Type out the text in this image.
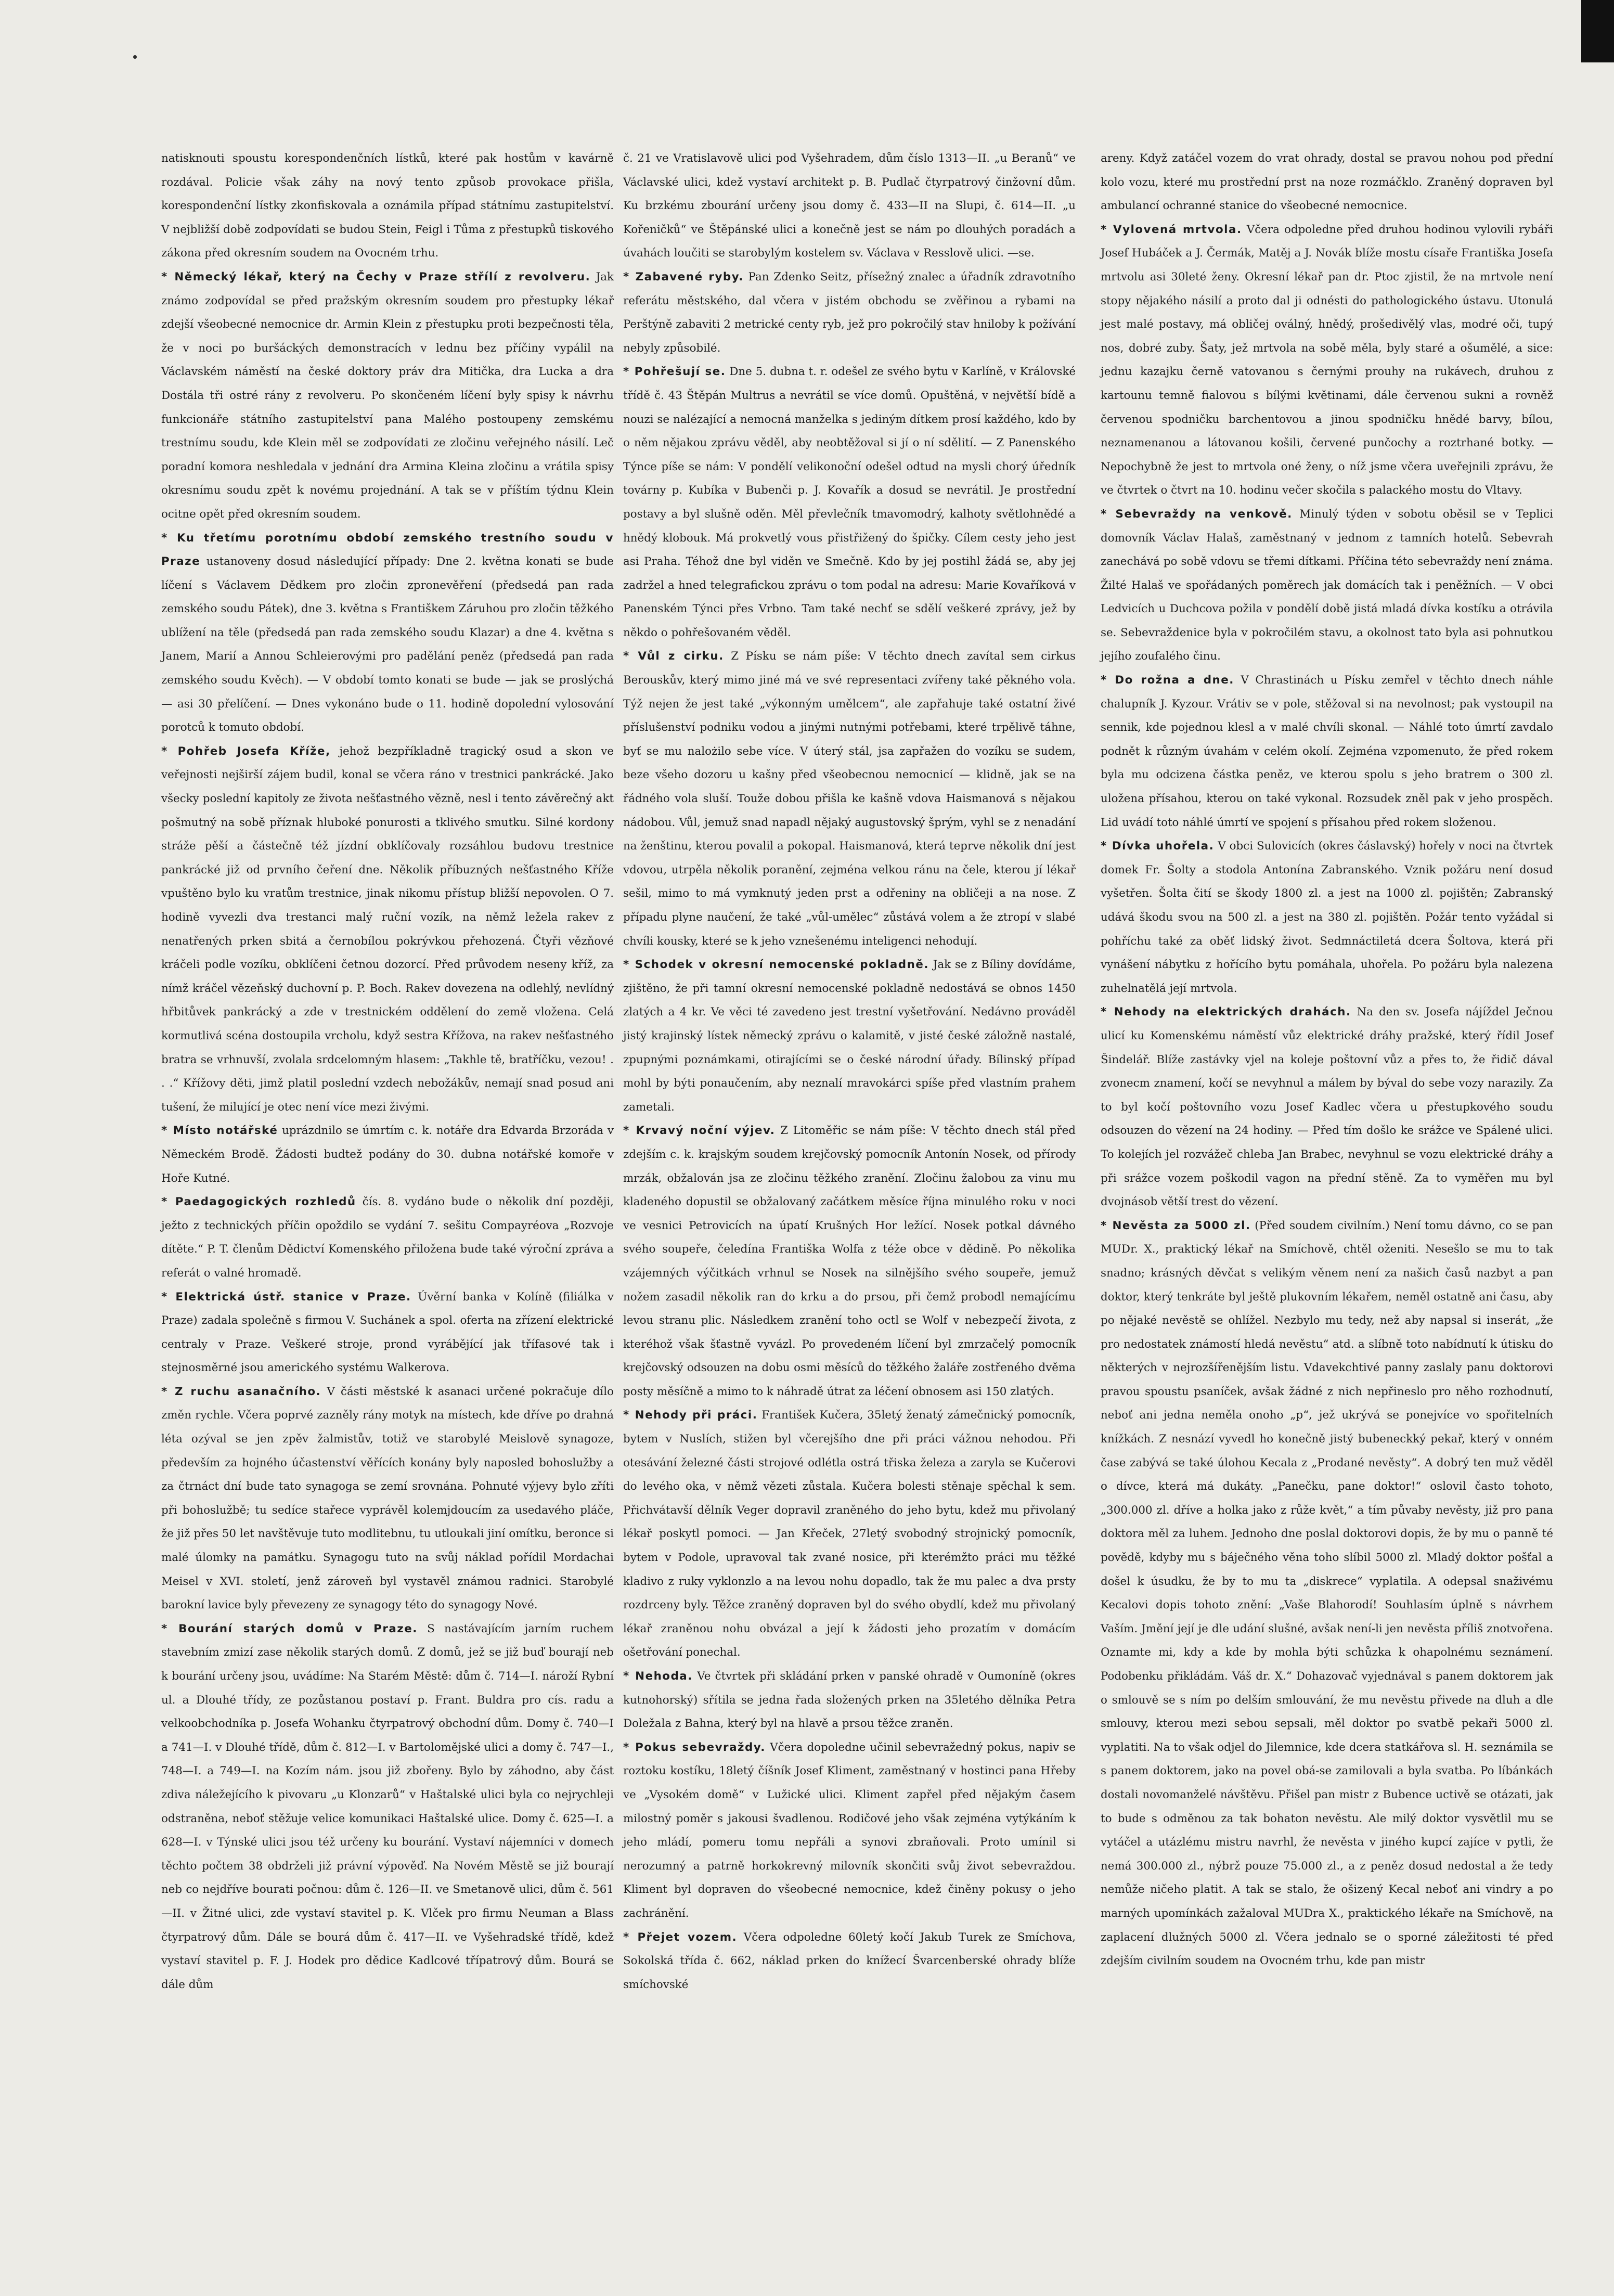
natisknouti spoustu korespondenčních lístků, které pak hostům v kavárně rozdával. Policie však záhy na nový tento způsob provokace přišla, korespondenční lístky zkonfiskovala a oznámila případ státnímu zastupitelství. V nejbližší době zodpovídati se budou Stein, Feigl i Tůma z přestupků tiskového zákona před okresním soudem na Ovocném trhu.

* Německý lékař, který na Čechy v Praze střílí z revolveru. Jak známo zodpovídal se před pražským okresním soudem pro přestupky lékař zdejší všeobecné nemocnice dr. Armin Klein z přestupku proti bezpečnosti těla, že v noci po buršáckých demonstracích v lednu bez příčiny vypálil na Václavském náměstí na české doktory práv dra Mitička, dra Lucka a dra Dostála tři ostré rány z revolveru. Po skončeném líčení byly spisy k návrhu funkcionáře státního zastupitelství pana Malého postoupeny zemskému trestnímu soudu, kde Klein měl se zodpovídati ze zločinu veřejného násilí. Leč poradní komora neshledala v jednání dra Armina Kleina zločinu a vrátila spisy okresnímu soudu zpět k novému projednání. A tak se v příštím týdnu Klein ocitne opět před okresním soudem.

* Ku třetímu porotnímu období zemského trestního soudu v Praze ustanoveny dosud následující případy: Dne 2. května konati se bude líčení s Václavem Dědkem pro zločin zpronevěření (předsedá pan rada zemského soudu Pátek), dne 3. května s Františkem Záruhou pro zločin těžkého ublížení na těle (předsedá pan rada zemského soudu Klazar) a dne 4. května s Janem, Marií a Annou Schleierovými pro padělání peněz (předsedá pan rada zemského soudu Kvěch). — V období tomto konati se bude — jak se proslýchá — asi 30 přelíčení. — Dnes vykonáno bude o 11. hodině dopolední vylosování porotců k tomuto období.

* Pohřeb Josefa Kříže, jehož bezpříkladně tragický osud a skon ve veřejnosti nejširší zájem budil, konal se včera ráno v trestnici pankrácké. Jako všecky poslední kapitoly ze života nešťastného vězně, nesl i tento závěrečný akt pošmutný na sobě příznak hluboké ponurosti a tklivého smutku. Silné kordony stráže pěší a částečně též jízdní obklíčovaly rozsáhlou budovu trestnice pankrácké již od prvního čeření dne. Několik příbuzných nešťastného Kříže vpuštěno bylo ku vratům trestnice, jinak nikomu přístup bližší nepovolen. O 7. hodině vyvezli dva trestanci malý ruční vozík, na němž ležela rakev z nenatřených prken sbitá a černobílou pokrývkou přehozená. Čtyři vězňové kráčeli podle vozíku, obklíčeni četnou dozorcí. Před průvodem neseny kříž, za nímž kráčel vězeňský duchovní p. P. Boch. Rakev dovezena na odlehlý, nevlídný hřbitůvek pankrácký a zde v trestnickém oddělení do země vložena. Celá kormutlivá scéna dostoupila vrcholu, když sestra Křížova, na rakev nešťastného bratra se vrhnuvší, zvolala srdcelomným hlasem: „Takhle tě, bratříčku, vezou! . . .“ Křížovy děti, jimž platil poslední vzdech nebožákův, nemají snad posud ani tušení, že milující je otec není více mezi živými.

* Místo notářské uprázdnilo se úmrtím c. k. notáře dra Edvarda Brzoráda v Německém Brodě. Žádosti budtež podány do 30. dubna notářské komoře v Hoře Kutné.

* Paedagogických rozhledů čís. 8. vydáno bude o několik dní později, ježto z technických příčin opoždilo se vydání 7. sešitu Compayréova „Rozvoje dítěte.“ P. T. členům Dědictví Komenského přiložena bude také výroční zpráva a referát o valné hromadě.

* Elektrická ústř. stanice v Praze. Úvěrní banka v Kolíně (filiálka v Praze) zadala společně s firmou V. Suchánek a spol. oferta na zřízení elektrické centraly v Praze. Veškeré stroje, prond vyrábějící jak třífasové tak i stejnosměrné jsou amerického systému Walkerova.

* Z ruchu asanačního. V části městské k asanaci určené pokračuje dílo změn rychle. Včera poprvé zazněly rány motyk na místech, kde dříve po drahná léta ozýval se jen zpěv žalmistův, totiž ve starobylé Meislově synagoze, především za hojného účastenství věřících konány byly naposled bohoslužby a za čtrnáct dní bude tato synagoga se zemí srovnána. Pohnuté výjevy bylo zříti při bohoslužbě; tu sedíce stařece vyprávěl kolemjdoucím za usedavého pláče, že již přes 50 let navštěvuje tuto modlitebnu, tu utloukali jiní omítku, beronce si malé úlomky na památku. Synagogu tuto na svůj náklad pořídil Mordachai Meisel v XVI. století, jenž zároveň byl vystavěl známou radnici. Starobylé barokní lavice byly převezeny ze synagogy této do synagogy Nové.

* Bourání starých domů v Praze. S nastávajícím jarním ruchem stavebním zmizí zase několik starých domů. Z domů, jež se již buď bourají neb k bourání určeny jsou, uvádíme: Na Starém Městě: dům č. 714—I. nároží Rybní ul. a Dlouhé třídy, ze pozůstanou postaví p. Frant. Buldra pro cís. radu a velkoobchodníka p. Josefa Wohanku čtyrpatrový obchodní dům. Domy č. 740—I a 741—I. v Dlouhé třídě, dům č. 812—I. v Bartolomějské ulici a domy č. 747—I., 748—I. a 749—I. na Kozím nám. jsou již zbořeny. Bylo by záhodno, aby část zdiva náležejícího k pivovaru „u Klonzarů“ v Haštalské ulici byla co nejrychleji odstraněna, neboť stěžuje velice komunikaci Haštalské ulice. Domy č. 625—I. a 628—I. v Týnské ulici jsou též určeny ku bourání. Vystaví nájemníci v domech těchto počtem 38 obdrželi již právní výpověď. Na Novém Městě se již bourají neb co nejdříve bourati počnou: dům č. 126—II. ve Smetanově ulici, dům č. 561—II. v Žitné ulici, zde vystaví stavitel p. K. Vlček pro firmu Neuman a Blass čtyrpatrový dům. Dále se bourá dům č. 417—II. ve Vyšehradské třídě, kdež vystaví stavitel p. F. J. Hodek pro dědice Kadlcové třípatrový dům. Bourá se dále dům

č. 21 ve Vratislavově ulici pod Vyšehradem, dům číslo 1313—II. „u Beranů“ ve Václavské ulici, kdež vystaví architekt p. B. Pudlač čtyrpatrový činžovní dům. Ku brzkému zbourání určeny jsou domy č. 433—II na Slupi, č. 614—II. „u Kořeničků“ ve Štěpánské ulici a konečně jest se nám po dlouhých poradách a úvahách loučiti se starobylým kostelem sv. Václava v Resslově ulici. —se.

* Zabavené ryby. Pan Zdenko Seitz, přísežný znalec a úřadník zdravotního referátu městského, dal včera v jistém obchodu se zvěřinou a rybami na Perštýně zabaviti 2 metrické centy ryb, jež pro pokročilý stav hniloby k požívání nebyly způsobilé.

* Pohřešují se. Dne 5. dubna t. r. odešel ze svého bytu v Karlíně, v Královské třídě č. 43 Štěpán Multrus a nevrátil se více domů. Opuštěná, v největší bídě a nouzi se nalézající a nemocná manželka s jediným dítkem prosí každého, kdo by o něm nějakou zprávu věděl, aby neobtěžoval si jí o ní sdělití. — Z Panenského Týnce píše se nám: V pondělí velikonoční odešel odtud na mysli chorý úředník továrny p. Kubíka v Bubenči p. J. Kovařík a dosud se nevrátil. Je prostřední postavy a byl slušně oděn. Měl převlečník tmavomodrý, kalhoty světlohnědé a hnědý klobouk. Má prokvetlý vous přistřižený do špičky. Cílem cesty jeho jest asi Praha. Téhož dne byl viděn ve Smečně. Kdo by jej postihl žádá se, aby jej zadržel a hned telegrafickou zprávu o tom podal na adresu: Marie Kovaříková v Panenském Týnci přes Vrbno. Tam také nechť se sdělí veškeré zprávy, jež by někdo o pohřešovaném věděl.

* Vůl z cirku. Z Písku se nám píše: V těchto dnech zavítal sem cirkus Berouskův, který mimo jiné má ve své representaci zvířeny také pěkného vola. Týž nejen že jest také „výkonným umělcem“, ale zapřahuje také ostatní živé příslušenství podniku vodou a jinými nutnými potřebami, které trpělivě táhne, byť se mu nalożilo sebe více. V úterý stál, jsa zapřažen do vozíku se sudem, beze všeho dozoru u kašny před všeobecnou nemocnicí — klidně, jak se na řádného vola sluší. Touže dobou přišla ke kašně vdova Haismanová s nějakou nádobou. Vůl, jemuž snad napadl nějaký augustovský šprým, vyhl se z nenadání na ženštinu, kterou povalil a pokopal. Haismanová, která teprve několik dní jest vdovou, utrpěla několik poranění, zejména velkou ránu na čele, kterou jí lékař sešil, mimo to má vymknutý jeden prst a odřeniny na obličeji a na nose. Z případu plyne naučení, že také „vůl-umělec“ zůstává volem a že ztropí v slabé chvíli kousky, které se k jeho vznešenému inteligenci nehodují.

* Schodek v okresní nemocenské pokladně. Jak se z Bíliny dovídáme, zjištěno, že při tamní okresní nemocenské pokladně nedostává se obnos 1450 zlatých a 4 kr. Ve věci té zavedeno jest trestní vyšetřování. Nedávno prováděl jistý krajinský lístek německý zprávu o kalamitě, v jisté české záložně nastalé, zpupnými poznámkami, otirajícími se o české národní úřady. Bílinský případ mohl by býti ponaučením, aby neznalí mravokárci spíše před vlastním prahem zametali.

* Krvavý noční výjev. Z Litoměřic se nám píše: V těchto dnech stál před zdejším c. k. krajským soudem krejčovský pomocník Antonín Nosek, od přírody mrzák, obžalován jsa ze zločinu těžkého zranění. Zločinu žalobou za vinu mu kladeného dopustil se obžalovaný začátkem měsíce října minulého roku v noci ve vesnici Petrovicích na úpatí Krušných Hor ležící. Nosek potkal dávného svého soupeře, čeledína Františka Wolfa z téže obce v dědině. Po několika vzájemných výčitkách vrhnul se Nosek na silnějšího svého soupeře, jemuž nožem zasadil několik ran do krku a do prsou, při čemž probodl nemajícímu levou stranu plic. Následkem zranění toho octl se Wolf v nebezpečí života, z kteréhož však šťastně vyvázl. Po provedeném líčení byl zmrzačelý pomocník krejčovský odsouzen na dobu osmi měsíců do těžkého žaláře zostřeného dvěma posty měsíčně a mimo to k náhradě útrat za léčení obnosem asi 150 zlatých.

* Nehody při práci. František Kučera, 35letý ženatý zámečnický pomocník, bytem v Nuslích, stižen byl včerejšího dne při práci vážnou nehodou. Při otesávání železné části strojové odlétla ostrá třiska železa a zaryla se Kučerovi do levého oka, v němž vězeti zůstala. Kučera bolesti stěnaje spěchal k sem. Přichvátavší dělník Veger dopravil zraněného do jeho bytu, kdež mu přivolaný lékař poskytl pomoci. — Jan Křeček, 27letý svobodný strojnický pomocník, bytem v Podole, upravoval tak zvané nosice, při kterémžto práci mu těžké kladivo z ruky vyklonzlo a na levou nohu dopadlo, tak že mu palec a dva prsty rozdrceny byly. Těžce zraněný dopraven byl do svého obydlí, kdež mu přivolaný lékař zraněnou nohu obvázal a její k žádosti jeho prozatím v domácím ošetřování ponechal.

* Nehoda. Ve čtvrtek při skládání prken v panské ohradě v Oumoníně (okres kutnohorský) sřítila se jedna řada složených prken na 35letého dělníka Petra Doležala z Bahna, který byl na hlavě a prsou těžce zraněn.

* Pokus sebevraždy. Včera dopoledne učinil sebevražedný pokus, napiv se roztoku kostíku, 18letý číšník Josef Kliment, zaměstnaný v hostinci pana Hřeby ve „Vysokém domě“ v Lužické ulici. Kliment zapřel před nějakým časem milostný poměr s jakousi švadlenou. Rodičové jeho však zejména vytýkáním k jeho mládí, pomeru tomu nepřáli a synovi zbraňovali. Proto umínil si nerozumný a patrně horkokrevný milovník skončiti svůj život sebevraždou. Kliment byl dopraven do všeobecné nemocnice, kdež činěny pokusy o jeho zachránění.

* Přejet vozem. Včera odpoledne 60letý kočí Jakub Turek ze Smíchova, Sokolská třída č. 662, náklad prken do knížecí Švarcenberské ohrady blíže smíchovské

areny. Když zatáčel vozem do vrat ohrady, dostal se pravou nohou pod přední kolo vozu, které mu prostřední prst na noze rozmáčklo. Zraněný dopraven byl ambulancí ochranné stanice do všeobecné nemocnice.

* Vylovená mrtvola. Včera odpoledne před druhou hodinou vylovili rybáři Josef Hubáček a J. Čermák, Matěj a J. Novák blíže mostu císaře Františka Josefa mrtvolu asi 30leté ženy. Okresní lékař pan dr. Ptoc zjistil, že na mrtvole není stopy nějakého násilí a proto dal ji odnésti do pathologického ústavu. Utonulá jest malé postavy, má obličej oválný, hnědý, prošedivělý vlas, modré oči, tupý nos, dobré zuby. Šaty, jež mrtvola na sobě měla, byly staré a ošumělé, a sice: jednu kazajku černě vatovanou s černými prouhy na rukávech, druhou z kartounu temně fialovou s bílými květinami, dále červenou sukni a rovněž červenou spodničku barchentovou a jinou spodničku hnědé barvy, bílou, neznamenanou a látovanou košili, červené punčochy a roztrhané botky. — Nepochybně že jest to mrtvola oné ženy, o níž jsme včera uveřejnili zprávu, že ve čtvrtek o čtvrt na 10. hodinu večer skočila s palackého mostu do Vltavy.

* Sebevraždy na venkově. Minulý týden v sobotu oběsil se v Teplici domovník Václav Halaš, zaměstnaný v jednom z tamních hotelů. Sebevrah zanechává po sobě vdovu se třemi dítkami. Příčina této sebevraždy není známa. Žilté Halaš ve spořádaných poměrech jak domácích tak i peněžních. — V obci Ledvicích u Duchcova požila v pondělí době jistá mladá dívka kostíku a otrávila se. Sebevraždenice byla v pokročilém stavu, a okolnost tato byla asi pohnutkou jejího zoufalého činu.

* Do rožna a dne. V Chrastinách u Písku zemřel v těchto dnech náhle chalupník J. Kyzour. Vrátiv se v pole, stěžoval si na nevolnost; pak vystoupil na sennik, kde pojednou klesl a v malé chvíli skonal. — Náhlé toto úmrtí zavdalo podnět k různým úvahám v celém okolí. Zejména vzpomenuto, že před rokem byla mu odcizena částka peněz, ve kterou spolu s jeho bratrem o 300 zl. uložena přísahou, kterou on také vykonal. Rozsudek zněl pak v jeho prospěch. Lid uvádí toto náhlé úmrtí ve spojení s přísahou před rokem složenou.

* Dívka uhořela. V obci Sulovicích (okres čáslavský) hořely v noci na čtvrtek domek Fr. Šolty a stodola Antonína Zabranského. Vznik požáru není dosud vyšetřen. Šolta čití se škody 1800 zl. a jest na 1000 zl. pojištěn; Zabranský udává škodu svou na 500 zl. a jest na 380 zl. pojištěn. Požár tento vyžádal si pohříchu také za oběť lidský život. Sedmnáctiletá dcera Šoltova, která při vynášení nábytku z hořícího bytu pomáhala, uhořela. Po požáru byla nalezena zuhelnatělá její mrtvola.

* Nehody na elektrických drahách. Na den sv. Josefa nájíždel Ječnou ulicí ku Komenskému náměstí vůz elektrické dráhy pražské, který řídil Josef Šindelář. Blíže zastávky vjel na koleje poštovní vůz a přes to, že řidič dával zvonecm znamení, kočí se nevyhnul a málem by býval do sebe vozy narazily. Za to byl kočí poštovního vozu Josef Kadlec včera u přestupkového soudu odsouzen do vězení na 24 hodiny. — Před tím došlo ke srážce ve Spálené ulici. To kolejích jel rozvážeč chleba Jan Brabec, nevyhnul se vozu elektrické dráhy a při srážce vozem poškodil vagon na přední stěně. Za to vyměřen mu byl dvojnásob větší trest do vězení.

* Nevěsta za 5000 zl. (Před soudem civilním.) Není tomu dávno, co se pan MUDr. X., praktický lékař na Smíchově, chtěl oženiti. Nesešlo se mu to tak snadno; krásných děvčat s velikým věnem není za našich časů nazbyt a pan doktor, který tenkráte byl ještě plukovním lékařem, neměl ostatně ani času, aby po nějaké nevěstě se ohlížel. Nezbylo mu tedy, než aby napsal si inserát, „že pro nedostatek známostí hledá nevěstu“ atd. a slíbně toto nabídnutí k útisku do některých v nejrozšířenějším listu. Vdavekchtivé panny zaslaly panu doktorovi pravou spoustu psaníček, avšak žádné z nich nepřineslo pro něho rozhodnutí, neboť ani jedna neměla onoho „p“, jež ukrývá se ponejvíce vo spořitelních knížkách. Z nesnází vyvedl ho konečně jistý bubeneckký pekař, který v onném čase zabývá se také úlohou Kecala z „Prodané nevěsty“. A dobrý ten muž věděl o dívce, která má dukáty. „Panečku, pane doktor!“ oslovil často tohoto, „300.000 zl. dříve a holka jako z růže květ,“ a tím půvaby nevěsty, již pro pana doktora měl za luhem. Jednoho dne poslal doktorovi dopis, že by mu o panně té povědě, kdyby mu s báječného věna toho slíbil 5000 zl. Mladý doktor pošťal a došel k úsudku, že by to mu ta „diskrece“ vyplatila. A odepsal snaživému Kecalovi dopis tohoto znění: „Vaše Blahorodí! Souhlasím úplně s návrhem Vaším. Jmění její je dle udání slušné, avšak není-li jen nevěsta příliš znotvořena. Oznamte mi, kdy a kde by mohla býti schůzka k ohapolnému seznámení. Podobenku přikládám. Váš dr. X.“ Dohazovač vyjednával s panem doktorem jak o smlouvě se s ním po delším smlouvání, že mu nevěstu přivede na dluh a dle smlouvy, kterou mezi sebou sepsali, měl doktor po svatbě pekaři 5000 zl. vyplatiti. Na to však odjel do Jilemnice, kde dcera statkářova sl. H. seznámila se s panem doktorem, jako na povel obá-se zamilovali a byla svatba. Po líbánkách dostali novomanželé návštěvu. Přišel pan mistr z Bubence uctivě se otázati, jak to bude s odměnou za tak bohaton nevěstu. Ale milý doktor vysvětlil mu se vytáčel a utázlému mistru navrhl, že nevěsta v jiného kupcí zajíce v pytli, že nemá 300.000 zl., nýbrž pouze 75.000 zl., a z peněz dosud nedostal a že tedy nemůže ničeho platit. A tak se stalo, že ošizený Kecal neboť ani vindry a po marných upomínkách zažaloval MUDra X., praktického lékaře na Smíchově, na zaplacení dlužných 5000 zl. Včera jednalo se o sporné záležitosti té před zdejším civilním soudem na Ovocném trhu, kde pan mistr
